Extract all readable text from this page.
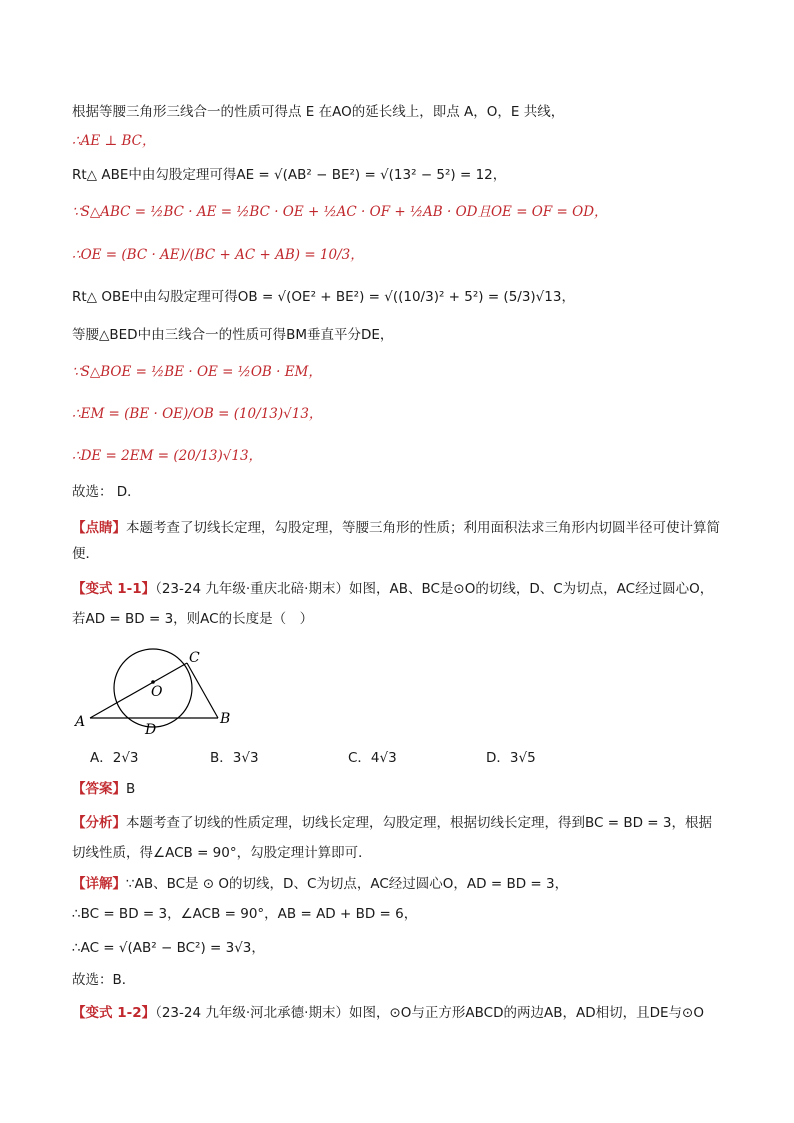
根据等腰三角形三线合一的性质可得点 E 在AO的延长线上，即点 A，O，E 共线，
∴AE ⊥ BC，
Rt△ ABE中由勾股定理可得AE = √(AB² − BE²) = √(13² − 5²) = 12，
∵S△ABC = ½BC · AE = ½BC · OE + ½AC · OF + ½AB · OD且OE = OF = OD，
∴OE = (BC · AE)/(BC + AC + AB) = 10/3，
Rt△ OBE中由勾股定理可得OB = √(OE² + BE²) = √((10/3)² + 5²) = (5/3)√13，
等腰△BED中由三线合一的性质可得BM垂直平分DE，
∵S△BOE = ½BE · OE = ½OB · EM，
∴EM = (BE · OE)/OB = (10/13)√13，
∴DE = 2EM = (20/13)√13，
故选： D．
【点睛】本题考查了切线长定理，勾股定理，等腰三角形的性质；利用面积法求三角形内切圆半径可使计算简便．
【变式 1-1】（23-24 九年级·重庆北碚·期末）如图，AB、BC是⊙O的切线，D、C为切点，AC经过圆心O，
若AD = BD = 3，则AC的长度是（　）
A	B
C
D
O
A．2√3	B．3√3	C．4√3	D．3√5
【答案】B
【分析】本题考查了切线的性质定理，切线长定理，勾股定理，根据切线长定理，得到BC = BD = 3，根据
切线性质，得∠ACB = 90°，勾股定理计算即可．
【详解】∵AB、BC是 ⊙ O的切线，D、C为切点，AC经过圆心O，AD = BD = 3，
∴BC = BD = 3，∠ACB = 90°，AB = AD + BD = 6，
∴AC = √(AB² − BC²) = 3√3，
故选：B．
【变式 1-2】（23-24 九年级·河北承德·期末）如图，⊙O与正方形ABCD的两边AB，AD相切，且DE与⊙O
